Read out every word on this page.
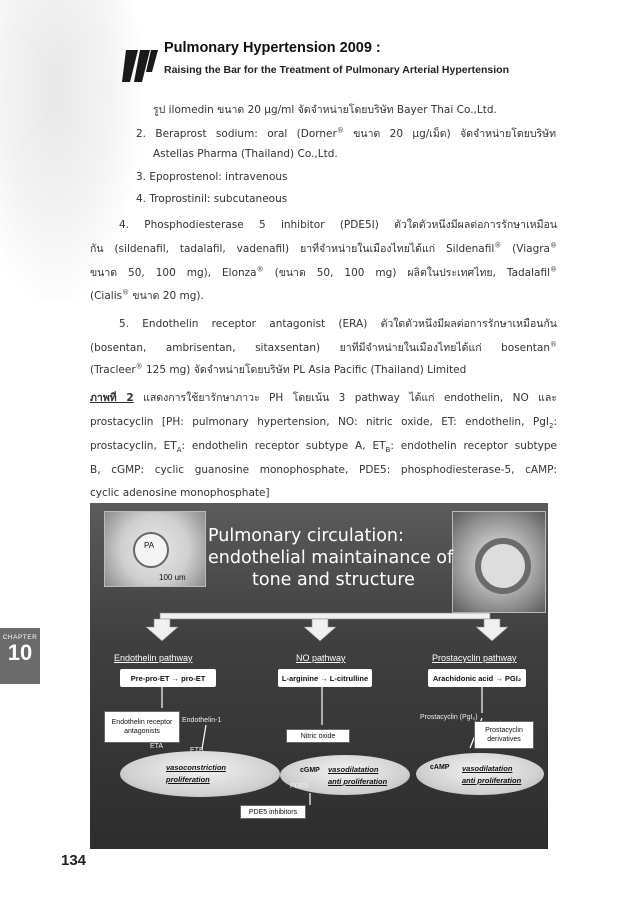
Pulmonary Hypertension 2009 :
Raising the Bar for the Treatment of Pulmonary Arterial Hypertension
รูป ilomedin ขนาด 20 µg/ml จัดจำหน่ายโดยบริษัท Bayer Thai Co.,Ltd.
2. Beraprost sodium: oral (Dorner® ขนาด 20 µg/เม็ด) จัดจำหน่ายโดยบริษัท
Astellas Pharma (Thailand) Co.,Ltd.
3. Epoprostenol: intravenous
4. Troprostinil: subcutaneous
4. Phosphodiesterase 5 inhibitor (PDE5I) ตัวใดตัวหนึ่งมีผลต่อการรักษาเหมือน
กัน (sildenafil, tadalafil, vadenafil) ยาที่จำหน่ายในเมืองไทยได้แก่ Sildenafil® (Viagra®
ขนาด 50, 100 mg), Elonza® (ขนาด 50, 100 mg) ผลิตในประเทศไทย, Tadalafil®
(Cialis® ขนาด 20 mg).
5. Endothelin receptor antagonist (ERA) ตัวใดตัวหนึ่งมีผลต่อการรักษาเหมือนกัน
(bosentan, ambrisentan, sitaxsentan) ยาที่มีจำหน่ายในเมืองไทยได้แก่ bosentan®
(Tracleer® 125 mg) จัดจำหน่ายโดยบริษัท PL Asia Pacific (Thailand) Limited
ภาพที่ 2 แสดงการใช้ยารักษาภาวะ PH โดยเน้น 3 pathway ได้แก่ endothelin, NO และ
prostacyclin [PH: pulmonary hypertension, NO: nitric oxide, ET: endothelin, PgI$_2$:
prostacyclin, $ET_A$: endothelin receptor subtype A, $ET_B$: endothelin receptor subtype
B, cGMP: cyclic guanosine monophosphate, PDE5: phosphodiesterase-5, cAMP:
cyclic adenosine monophosphate]
PA
100 um
Pulmonary circulation:
endothelial maintainance of
tone and structure
Endothelin pathway	NO pathway	Prostacyclin pathway
Pre-pro-ET → pro-ET	L-arginine → L-citrulline	Arachidonic acid → PGI₂
Endothelin receptor antagonists
Endothelin-1
ETA
Nitric oxide
Prostacyclin (PgI₂)
Prostacyclin derivatives
vasoconstriction
proliferation
cGMP
PDE5
vasodilatation
anti proliferation
cAMP vasodilatation
anti proliferation
PDE5 inhibitors
CHAPTER
10
134
